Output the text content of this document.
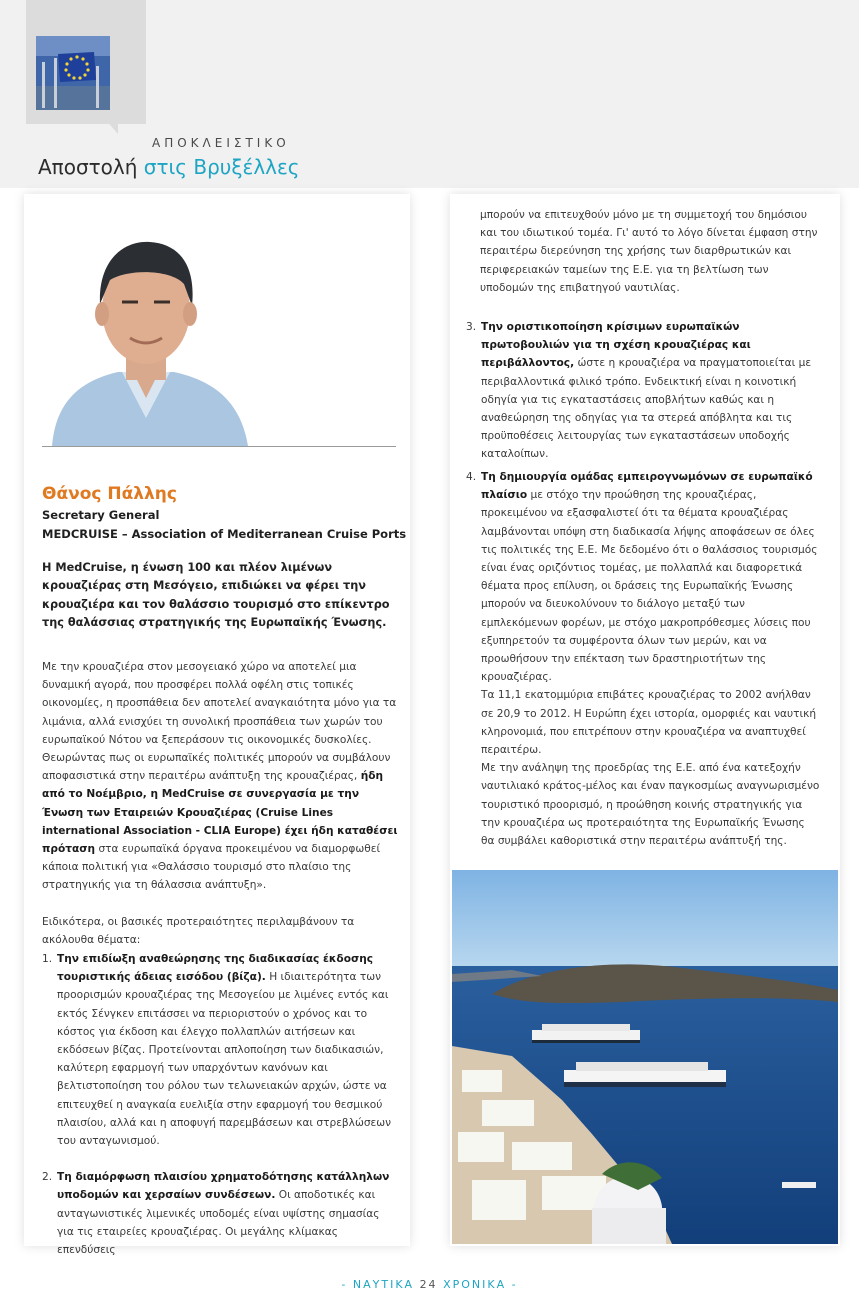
ΑΠΟΚΛΕΙΣΤΙΚΟ
Αποστολή στις Βρυξέλλες
Θάνος Πάλλης
Secretary General
MEDCRUISE – Association of Mediterranean Cruise Ports
Η MedCruise, η ένωση 100 και πλέον λιμένων κρουαζιέρας στη Μεσόγειο, επιδιώκει να φέρει την κρουαζιέρα και τον θαλάσσιο τουρισμό στο επίκεντρο της θαλάσσιας στρατηγικής της Ευρωπαϊκής Ένωσης.

Με την κρουαζιέρα στον μεσογειακό χώρο να αποτελεί μια δυναμική αγορά, που προσφέρει πολλά οφέλη στις τοπικές οικονομίες, η προσπάθεια δεν αποτελεί αναγκαιότητα μόνο για τα λιμάνια, αλλά ενισχύει τη συνολική προσπάθεια των χωρών του ευρωπαϊκού Νότου να ξεπεράσουν τις οικονομικές δυσκολίες.

Θεωρώντας πως οι ευρωπαϊκές πολιτικές μπορούν να συμβάλουν αποφασιστικά στην περαιτέρω ανάπτυξη της κρουαζιέρας, ήδη από το Νοέμβριο, η MedCruise σε συνεργασία με την Ένωση των Εταιρειών Κρουαζιέρας (Cruise Lines international Association - CLIA Europe) έχει ήδη καταθέσει πρόταση στα ευρωπαϊκά όργανα προκειμένου να διαμορφωθεί κάποια πολιτική για «Θαλάσσιο τουρισμό στο πλαίσιο της στρατηγικής για τη θάλασσια ανάπτυξη».

Ειδικότερα, οι βασικές προτεραιότητες περιλαμβάνουν τα ακόλουθα θέματα:

1. Την επιδίωξη αναθεώρησης της διαδικασίας έκδοσης τουριστικής άδειας εισόδου (βίζα). Η ιδιαιτερότητα των προορισμών κρουαζιέρας της Μεσογείου με λιμένες εντός και εκτός Σένγκεν επιτάσσει να περιοριστούν ο χρόνος και το κόστος για έκδοση και έλεγχο πολλαπλών αιτήσεων και εκδόσεων βίζας. Προτείνονται απλοποίηση των διαδικασιών, καλύτερη εφαρμογή των υπαρχόντων κανόνων και βελτιστοποίηση του ρόλου των τελωνειακών αρχών, ώστε να επιτευχθεί η αναγκαία ευελιξία στην εφαρμογή του θεσμικού πλαισίου, αλλά και η αποφυγή παρεμβάσεων και στρεβλώσεων του ανταγωνισμού.
2. Τη διαμόρφωση πλαισίου χρηματοδότησης κατάλληλων υποδομών και χερσαίων συνδέσεων. Οι αποδοτικές και ανταγωνιστικές λιμενικές υποδομές είναι υψίστης σημασίας για τις εταιρείες κρουαζιέρας. Οι μεγάλης κλίμακας επενδύσεις
μπορούν να επιτευχθούν μόνο με τη συμμετοχή του δημόσιου και του ιδιωτικού τομέα. Γι' αυτό το λόγο δίνεται έμφαση στην περαιτέρω διερεύνηση της χρήσης των διαρθρωτικών και περιφερειακών ταμείων της Ε.Ε. για τη βελτίωση των υποδομών της επιβατηγού ναυτιλίας.
3. Την οριστικοποίηση κρίσιμων ευρωπαϊκών πρωτοβουλιών για τη σχέση κρουαζιέρας και περιβάλλοντος, ώστε η κρουαζιέρα να πραγματοποιείται με περιβαλλοντικά φιλικό τρόπο. Ενδεικτική είναι η κοινοτική οδηγία για τις εγκαταστάσεις αποβλήτων καθώς και η αναθεώρηση της οδηγίας για τα στερεά απόβλητα και τις προϋποθέσεις λειτουργίας των εγκαταστάσεων υποδοχής καταλοίπων.
4. Τη δημιουργία ομάδας εμπειρογνωμόνων σε ευρωπαϊκό πλαίσιο με στόχο την προώθηση της κρουαζιέρας, προκειμένου να εξασφαλιστεί ότι τα θέματα κρουαζιέρας λαμβάνονται υπόψη στη διαδικασία λήψης αποφάσεων σε όλες τις πολιτικές της Ε.Ε. Με δεδομένο ότι ο θαλάσσιος τουρισμός είναι ένας οριζόντιος τομέας, με πολλαπλά και διαφορετικά θέματα προς επίλυση, οι δράσεις της Ευρωπαϊκής Ένωσης μπορούν να διευκολύνουν το διάλογο μεταξύ των εμπλεκόμενων φορέων, με στόχο μακροπρόθεσμες λύσεις που εξυπηρετούν τα συμφέροντα όλων των μερών, και να προωθήσουν την επέκταση των δραστηριοτήτων της κρουαζιέρας.

Τα 11,1 εκατομμύρια επιβάτες κρουαζιέρας το 2002 ανήλθαν σε 20,9 το 2012. Η Ευρώπη έχει ιστορία, ομορφιές και ναυτική κληρονομιά, που επιτρέπουν στην κρουαζιέρα να αναπτυχθεί περαιτέρω.

Με την ανάληψη της προεδρίας της Ε.Ε. από ένα κατεξοχήν ναυτιλιακό κράτος-μέλος και έναν παγκοσμίως αναγνωρισμένο τουριστικό προορισμό, η προώθηση κοινής στρατηγικής για την κρουαζιέρα ως προτεραιότητα της Ευρωπαϊκής Ένωσης θα συμβάλει καθοριστικά στην περαιτέρω ανάπτυξή της.

- ΝΑΥΤΙΚΑ 24 ΧΡΟΝΙΚΑ -
